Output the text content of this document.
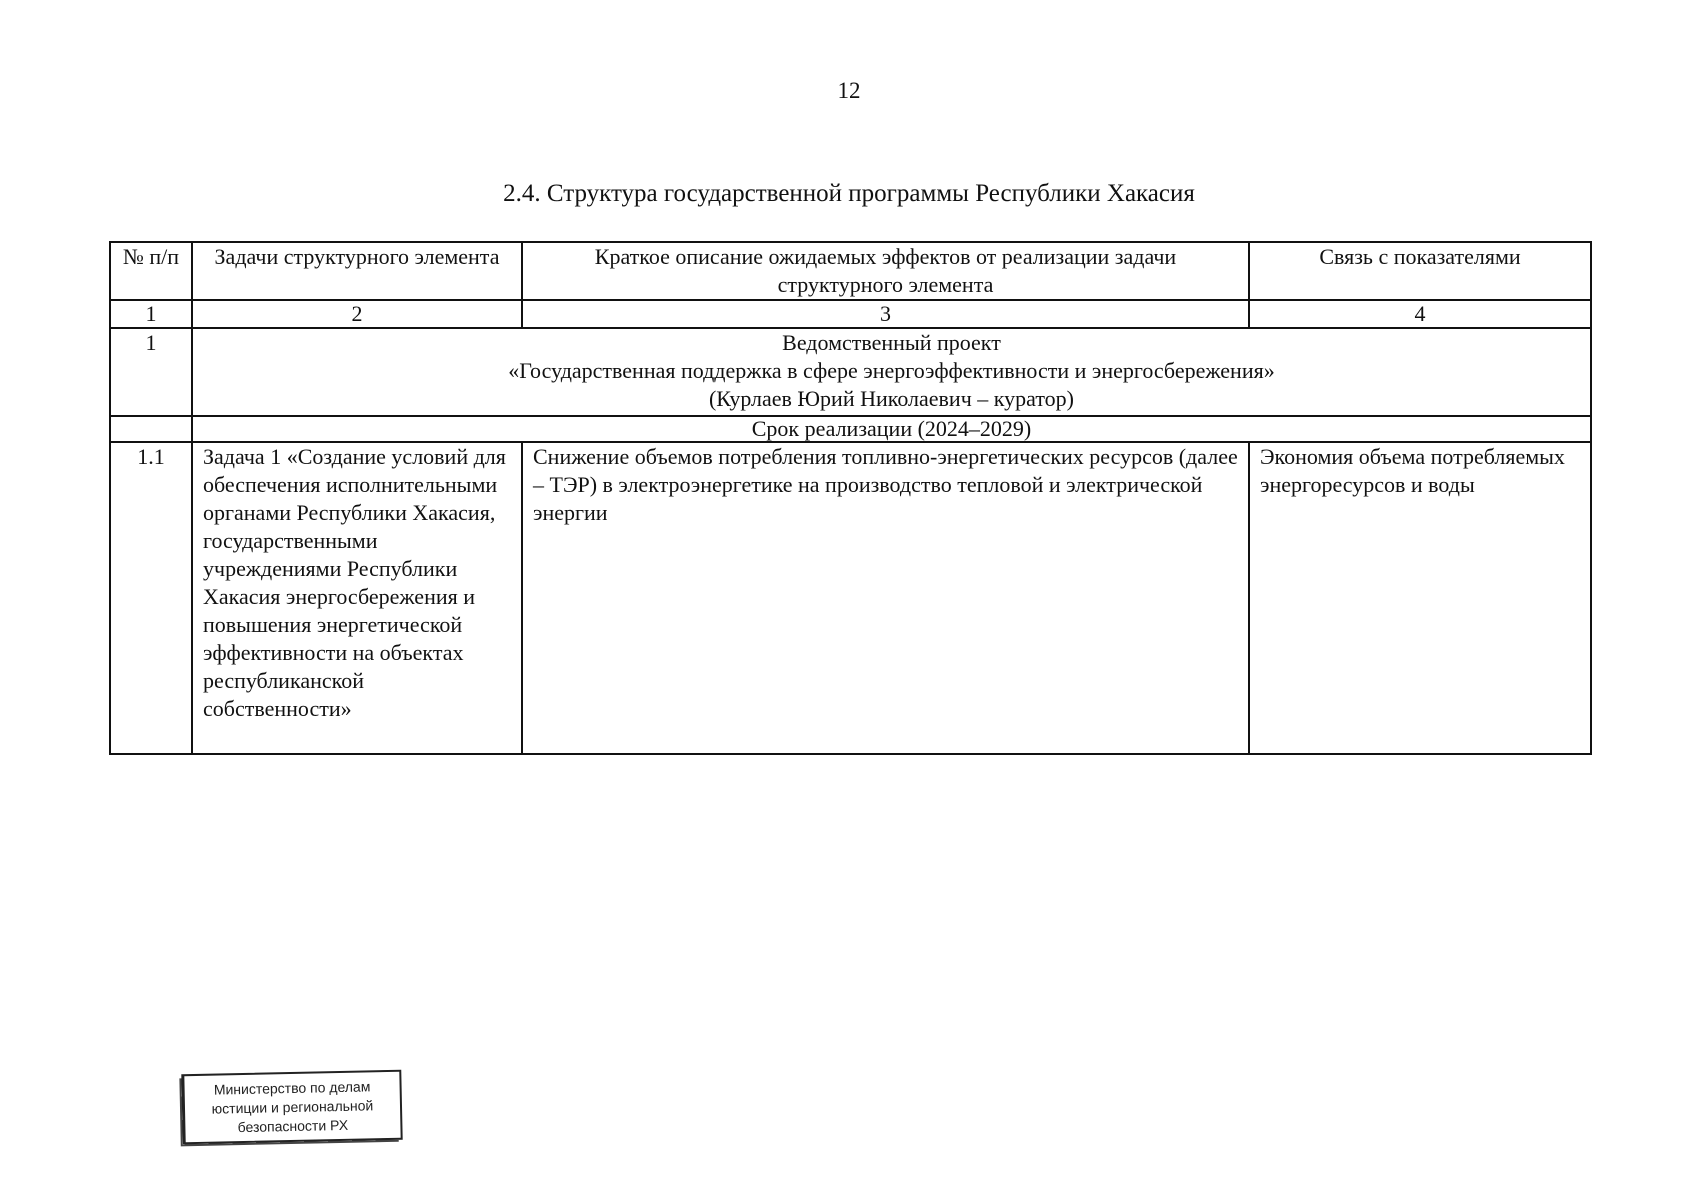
12
2.4. Структура государственной программы Республики Хакасия
№ п/п	Задачи структурного элемента	Краткое описание ожидаемых эффектов от реализации задачи структурного элемента	Связь с показателями
1	2	3	4
1	Ведомственный проект
«Государственная поддержка в сфере энергоэффективности и энергосбережения»
(Курлаев Юрий Николаевич – куратор)		

	Срок реализации (2024–2029)		
1.1	Задача 1 «Создание условий для обеспечения исполнительными органами Республики Хакасия, государственными учреждениями Республики Хакасия энергосбережения и повышения энергетической эффективности на объектах республиканской собственности»	Снижение объемов потребления топливно-энергетических ресурсов (далее – ТЭР) в электроэнергетике на производство тепловой и электрической энергии	Экономия объема потребляемых энергоресурсов и воды
Министерство по делам
юстиции и региональной
безопасности РХ
